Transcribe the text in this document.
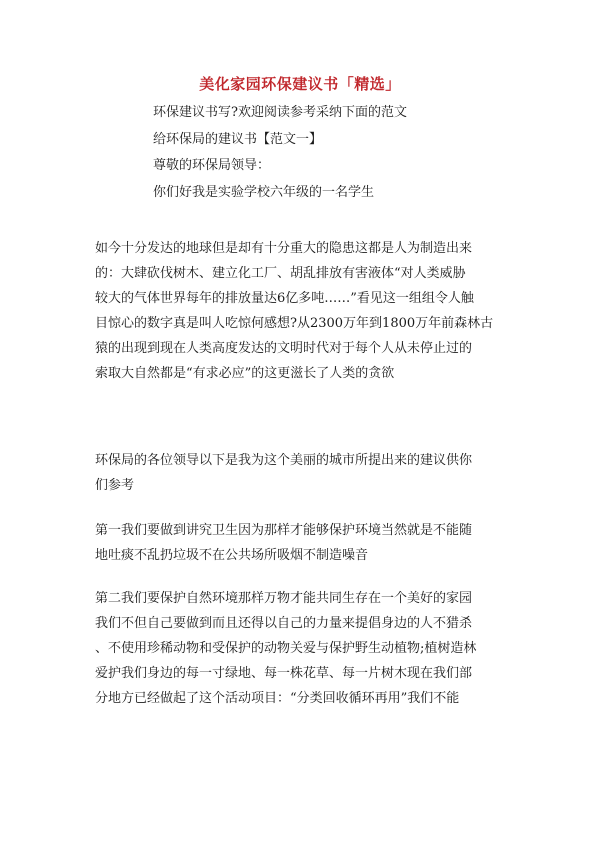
美化家园环保建议书「精选」
环保建议书写?欢迎阅读参考采纳下面的范文
给环保局的建议书【范文一】
尊敬的环保局领导：
你们好我是实验学校六年级的一名学生
如今十分发达的地球但是却有十分重大的隐患这都是人为制造出来
的：大肆砍伐树木、建立化工厂、胡乱排放有害液体“对人类威胁
较大的气体世界每年的排放量达6亿多吨……”看见这一组组令人触
目惊心的数字真是叫人吃惊何感想?从2300万年到1800万年前森林古
猿的出现到现在人类高度发达的文明时代对于每个人从未停止过的
索取大自然都是“有求必应”的这更滋长了人类的贪欲
环保局的各位领导以下是我为这个美丽的城市所提出来的建议供你
们参考
第一我们要做到讲究卫生因为那样才能够保护环境当然就是不能随
地吐痰不乱扔垃圾不在公共场所吸烟不制造噪音
第二我们要保护自然环境那样万物才能共同生存在一个美好的家园
我们不但自己要做到而且还得以自己的力量来提倡身边的人不猎杀
、不使用珍稀动物和受保护的动物关爱与保护野生动植物;植树造林
爱护我们身边的每一寸绿地、每一株花草、每一片树木现在我们部
分地方已经做起了这个活动项目：“分类回收循环再用”我们不能
